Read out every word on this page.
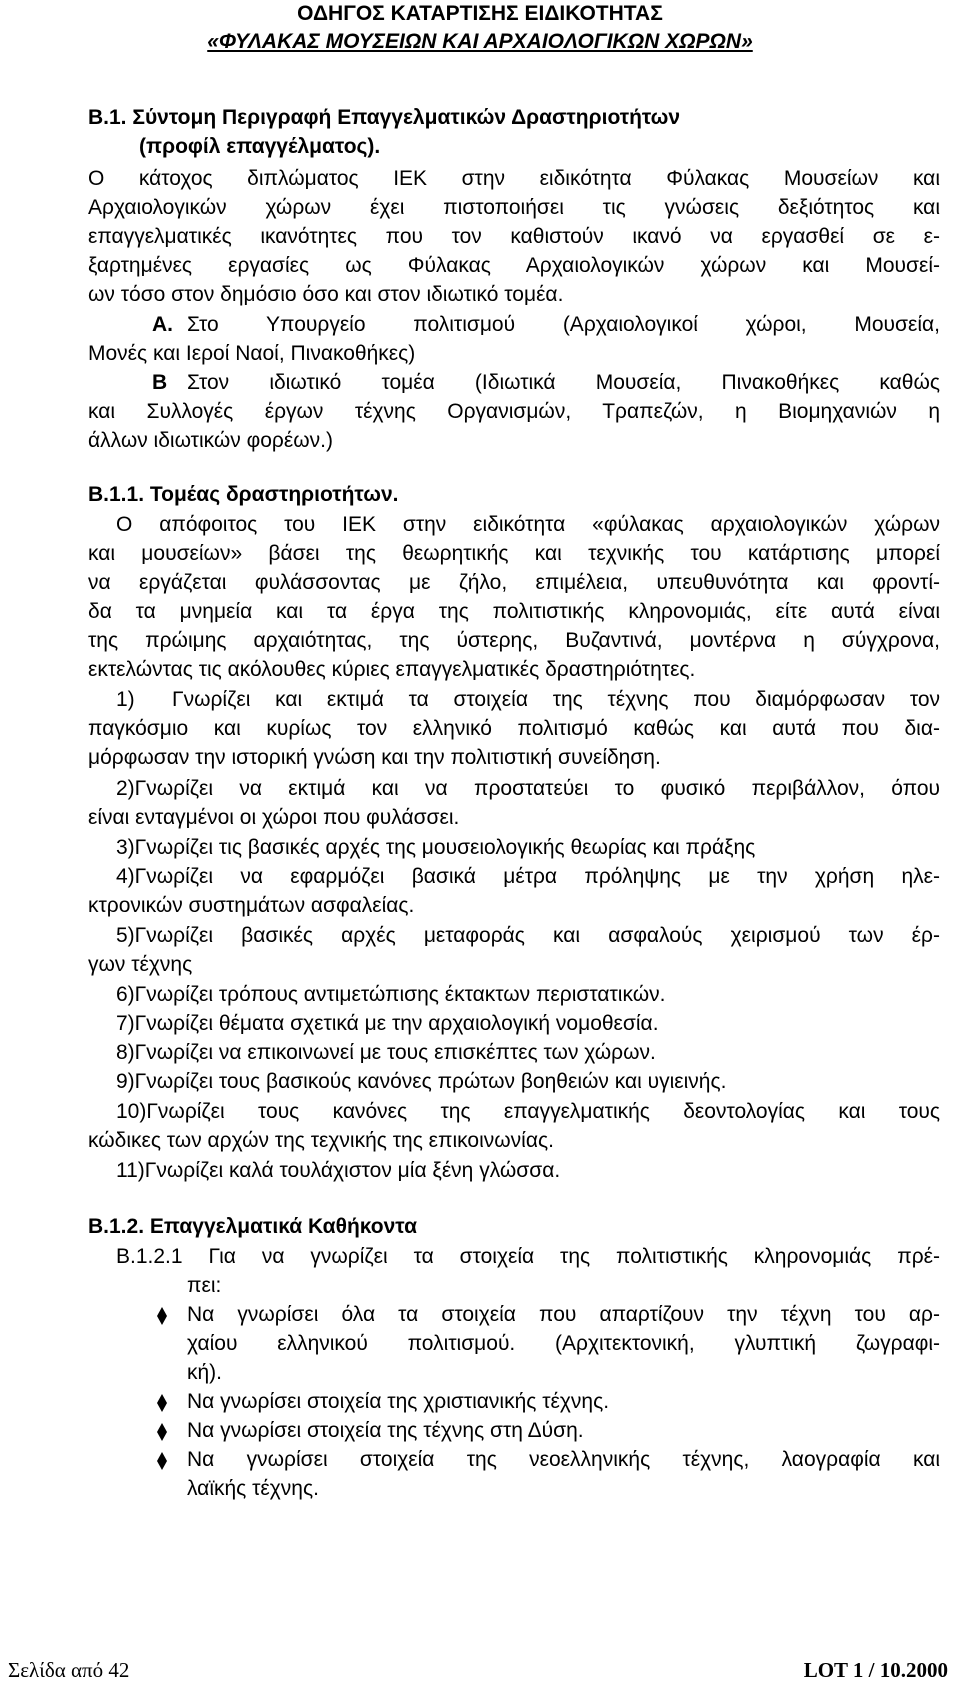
ΟΔΗΓΟΣ ΚΑΤΑΡΤΙΣΗΣ ΕΙΔΙΚΟΤΗΤΑΣ
«ΦΥΛΑΚΑΣ ΜΟΥΣΕΙΩΝ ΚΑΙ ΑΡΧΑΙΟΛΟΓΙΚΩΝ ΧΩΡΩΝ»
Β.1. Σύντομη Περιγραφή Επαγγελματικών Δραστηριοτήτων
(προφίλ επαγγέλματος).
Ο κάτοχος διπλώματος ΙΕΚ στην ειδικότητα Φύλακας Μουσείων και
Αρχαιολογικών χώρων έχει πιστοποιήσει τις γνώσεις δεξιότητος και
επαγγελματικές ικανότητες που τον καθιστούν ικανό να εργασθεί σε ε-
ξαρτημένες εργασίες ως Φύλακας Αρχαιολογικών χώρων και Μουσεί-
ων τόσο στον δημόσιο όσο και στον ιδιωτικό τομέα.
Α. Στο Υπουργείο πολιτισμού (Αρχαιολογικοί χώροι, Μουσεία,
Μονές και Ιεροί Ναοί, Πινακοθήκες)
Β Στον ιδιωτικό τομέα (Ιδιωτικά Μουσεία, Πινακοθήκες καθώς
και Συλλογές έργων τέχνης Οργανισμών, Τραπεζών, η Βιομηχανιών η
άλλων ιδιωτικών φορέων.)
Β.1.1. Τομέας δραστηριοτήτων.
Ο απόφοιτος του ΙΕΚ στην ειδικότητα «φύλακας αρχαιολογικών χώρων
και μουσείων» βάσει της θεωρητικής και τεχνικής του κατάρτισης μπορεί
να εργάζεται φυλάσσοντας με ζήλο, επιμέλεια, υπευθυνότητα και φροντί-
δα τα μνημεία και τα έργα της πολιτιστικής κληρονομιάς, είτε αυτά είναι
της πρώιμης αρχαιότητας, της ύστερης, Βυζαντινά, μοντέρνα η σύγχρονα,
εκτελώντας τις ακόλουθες κύριες επαγγελματικές δραστηριότητες.
1) Γνωρίζει και εκτιμά τα στοιχεία της τέχνης που διαμόρφωσαν τον
παγκόσμιο και κυρίως τον ελληνικό πολιτισμό καθώς και αυτά που δια-
μόρφωσαν την ιστορική γνώση και την πολιτιστική συνείδηση.
2)Γνωρίζει να εκτιμά και να προστατεύει το φυσικό περιβάλλον, όπου
είναι ενταγμένοι οι χώροι που φυλάσσει.
3)Γνωρίζει τις βασικές αρχές της μουσειολογικής θεωρίας και πράξης
4)Γνωρίζει να εφαρμόζει βασικά μέτρα πρόληψης με την χρήση ηλε-
κτρονικών συστημάτων ασφαλείας.
5)Γνωρίζει βασικές αρχές μεταφοράς και ασφαλούς χειρισμού των έρ-
γων τέχνης
6)Γνωρίζει τρόπους αντιμετώπισης έκτακτων περιστατικών.
7)Γνωρίζει θέματα σχετικά με την αρχαιολογική νομοθεσία.
8)Γνωρίζει να επικοινωνεί με τους επισκέπτες των χώρων.
9)Γνωρίζει τους βασικούς κανόνες πρώτων βοηθειών και υγιεινής.
10)Γνωρίζει τους κανόνες της επαγγελματικής δεοντολογίας και τους
κώδικες των αρχών της τεχνικής της επικοινωνίας.
11)Γνωρίζει καλά τουλάχιστον μία ξένη γλώσσα.
Β.1.2. Επαγγελματικά Καθήκοντα
Β.1.2.1 Για να γνωρίζει τα στοιχεία της πολιτιστικής κληρονομιάς πρέ-
πει:
Να γνωρίσει όλα τα στοιχεία που απαρτίζουν την τέχνη του αρ-
χαίου ελληνικού πολιτισμού. (Αρχιτεκτονική, γλυπτική ζωγραφι-
κή).
Να γνωρίσει στοιχεία της χριστιανικής τέχνης.
Να γνωρίσει στοιχεία της τέχνης στη Δύση.
Να γνωρίσει στοιχεία της νεοελληνικής τέχνης, λαογραφία και
λαϊκής τέχνης.
Σελίδα από 42	LOT 1 / 10.2000
